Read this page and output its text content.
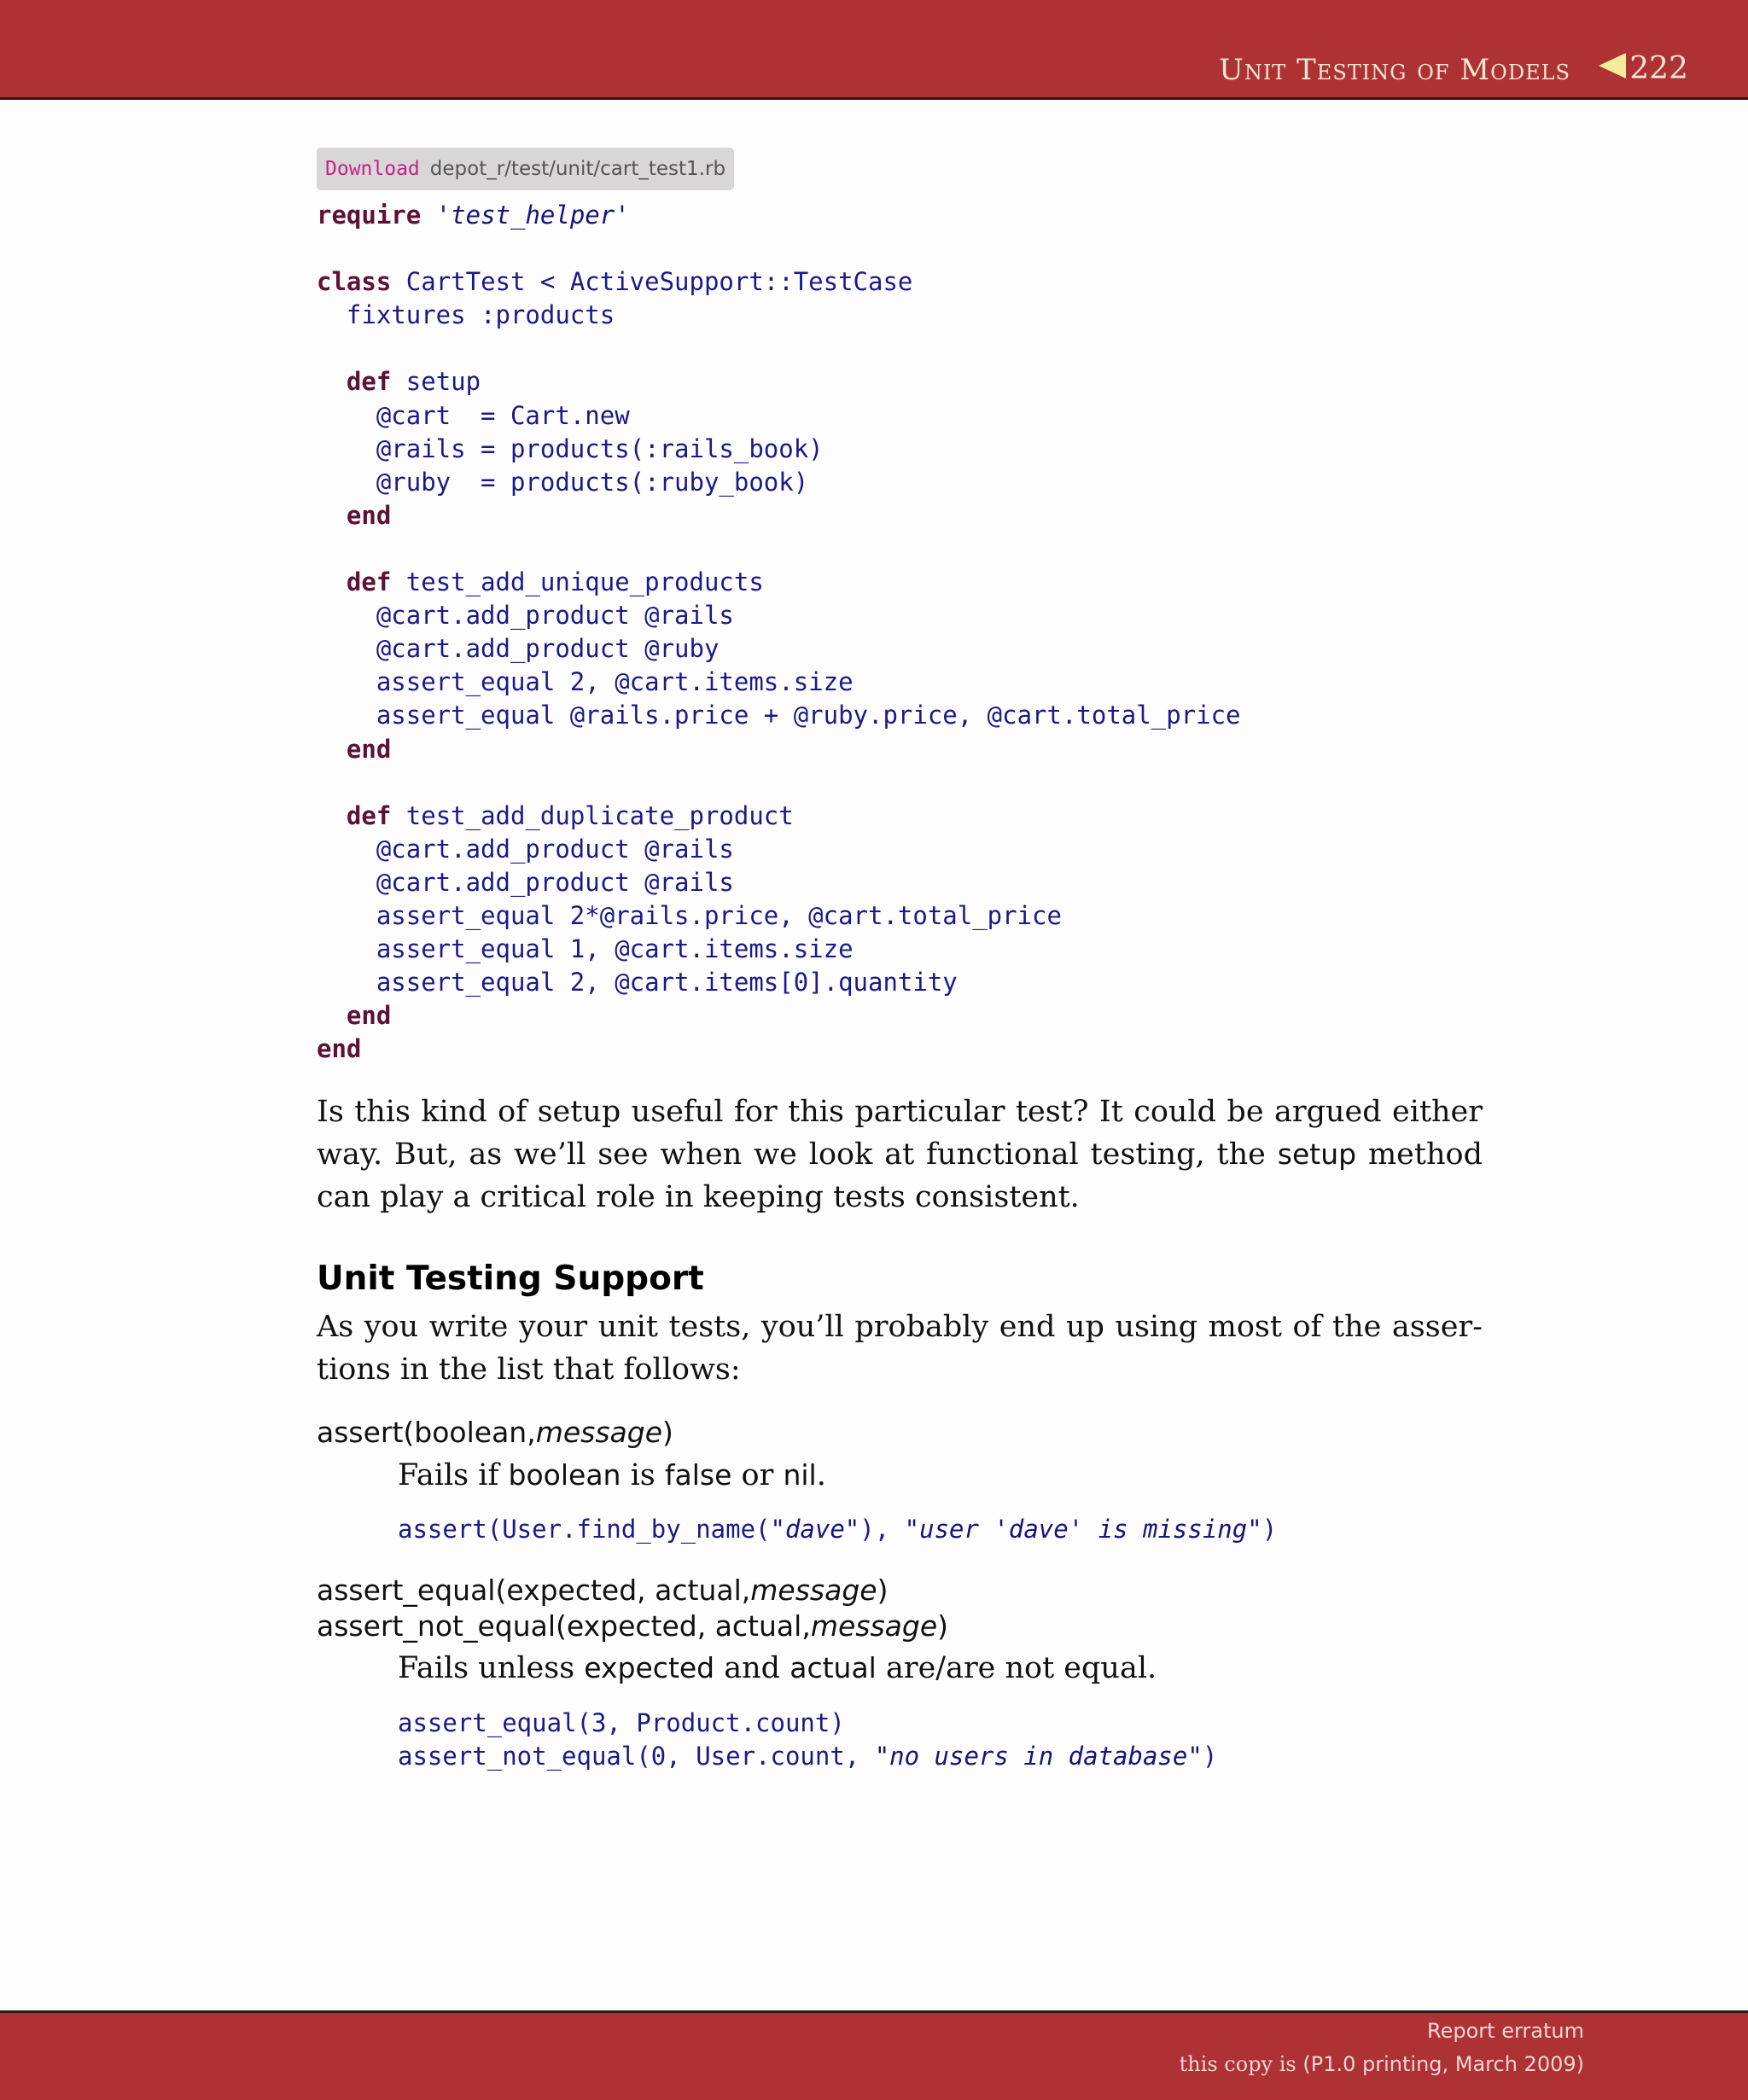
Unit Testing of Models 222
Download depot_r/test/unit/cart_test1.rb
require 'test_helper'

class CartTest < ActiveSupport::TestCase
fixtures :products

def setup
@cart  = Cart.new
@rails = products(:rails_book)
@ruby  = products(:ruby_book)
end

def test_add_unique_products
@cart.add_product @rails
@cart.add_product @ruby
assert_equal 2, @cart.items.size
assert_equal @rails.price + @ruby.price, @cart.total_price
end

def test_add_duplicate_product
@cart.add_product @rails
@cart.add_product @rails
assert_equal 2*@rails.price, @cart.total_price
assert_equal 1, @cart.items.size
assert_equal 2, @cart.items[0].quantity
end
end

Is this kind of setup useful for this particular test? It could be argued either way. But, as we’ll see when we look at functional testing, the setup method can play a critical role in keeping tests consistent.

Unit Testing Support

As you write your unit tests, you’ll probably end up using most of the asser-tions in the list that follows:

assert(boolean,message)

Fails if boolean is false or nil.

assert(User.find_by_name("dave"), "user 'dave' is missing")
assert_equal(expected, actual,message)
assert_not_equal(expected, actual,message)

Fails unless expected and actual are/are not equal.

assert_equal(3, Product.count)
assert_not_equal(0, User.count, "no users in database")
Report erratum
this copy is (P1.0 printing, March 2009)
